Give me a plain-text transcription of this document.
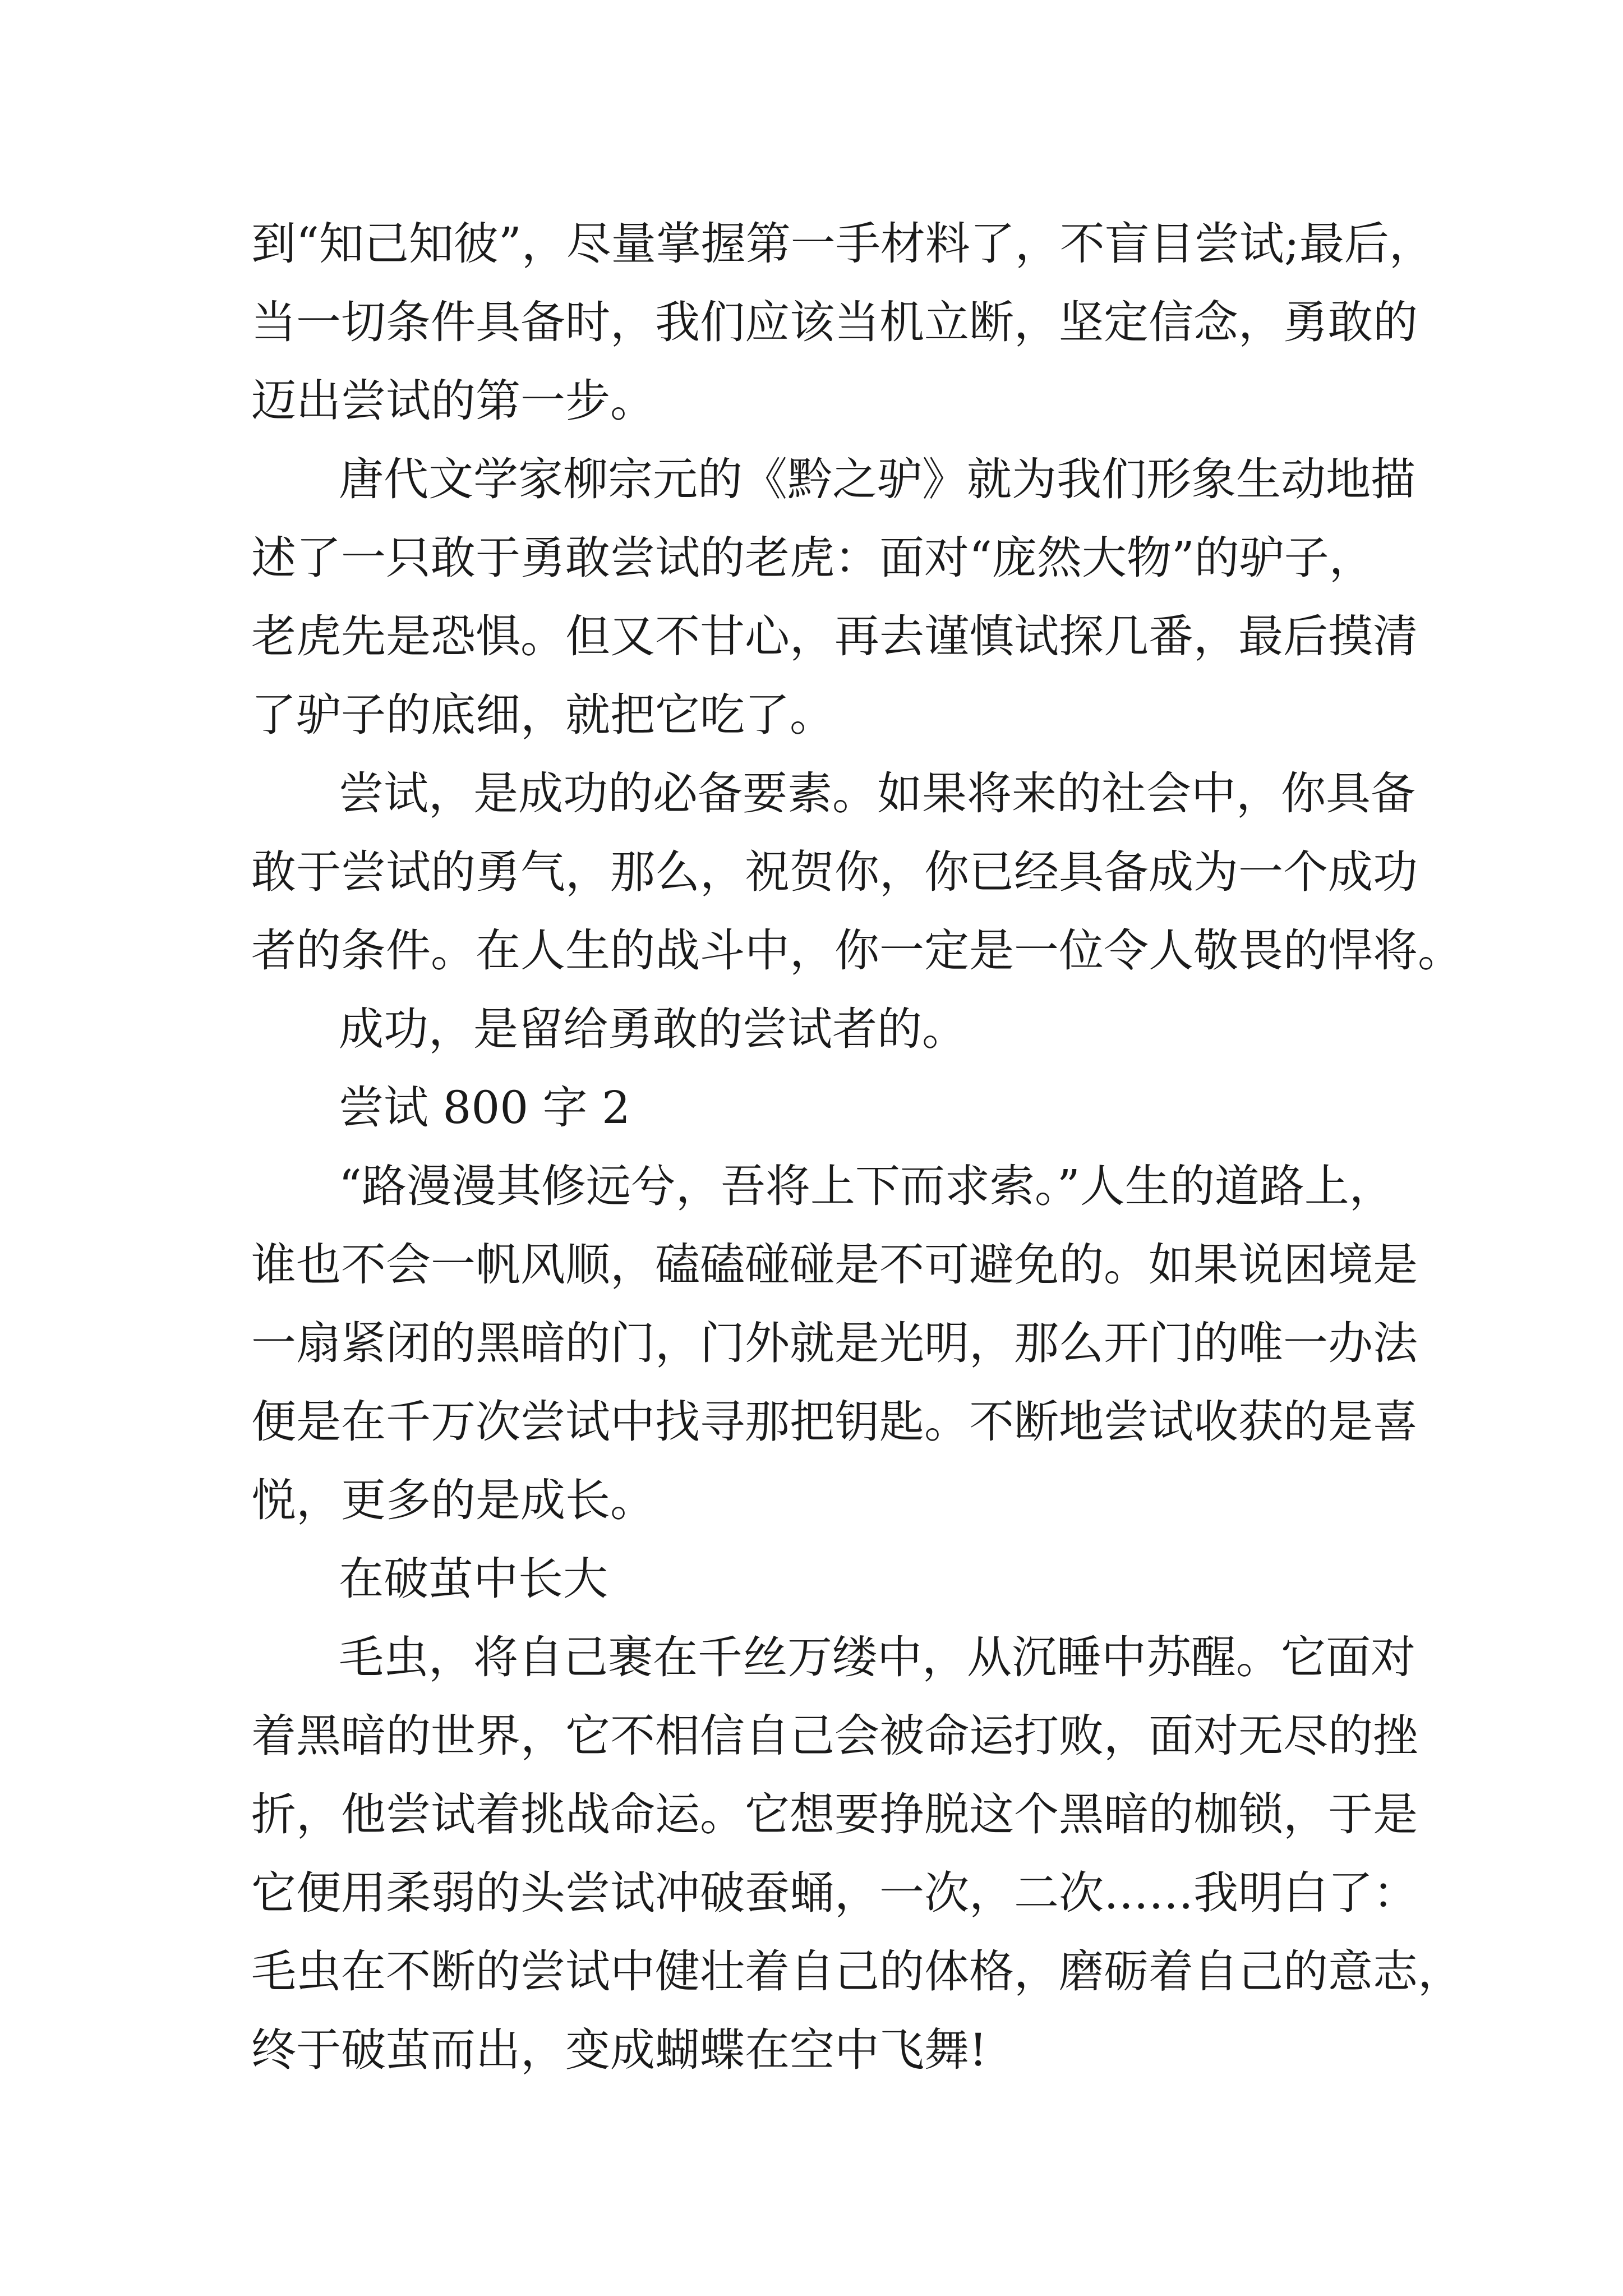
到“知己知彼”，尽量掌握第一手材料了，不盲目尝试;最后，
当一切条件具备时，我们应该当机立断，坚定信念，勇敢的
迈出尝试的第一步。
唐代文学家柳宗元的《黔之驴》就为我们形象生动地描
述了一只敢于勇敢尝试的老虎：面对“庞然大物”的驴子，
老虎先是恐惧。但又不甘心，再去谨慎试探几番，最后摸清
了驴子的底细，就把它吃了。
尝试，是成功的必备要素。如果将来的社会中，你具备
敢于尝试的勇气，那么，祝贺你，你已经具备成为一个成功
者的条件。在人生的战斗中，你一定是一位令人敬畏的悍将。
成功，是留给勇敢的尝试者的。
尝试 800 字 2
“路漫漫其修远兮，吾将上下而求索。”人生的道路上，
谁也不会一帆风顺，磕磕碰碰是不可避免的。如果说困境是
一扇紧闭的黑暗的门，门外就是光明，那么开门的唯一办法
便是在千万次尝试中找寻那把钥匙。不断地尝试收获的是喜
悦，更多的是成长。
在破茧中长大
毛虫，将自己裹在千丝万缕中，从沉睡中苏醒。它面对
着黑暗的世界，它不相信自己会被命运打败，面对无尽的挫
折，他尝试着挑战命运。它想要挣脱这个黑暗的枷锁，于是
它便用柔弱的头尝试冲破蚕蛹，一次，二次……我明白了：
毛虫在不断的尝试中健壮着自己的体格，磨砺着自己的意志，
终于破茧而出，变成蝴蝶在空中飞舞!
